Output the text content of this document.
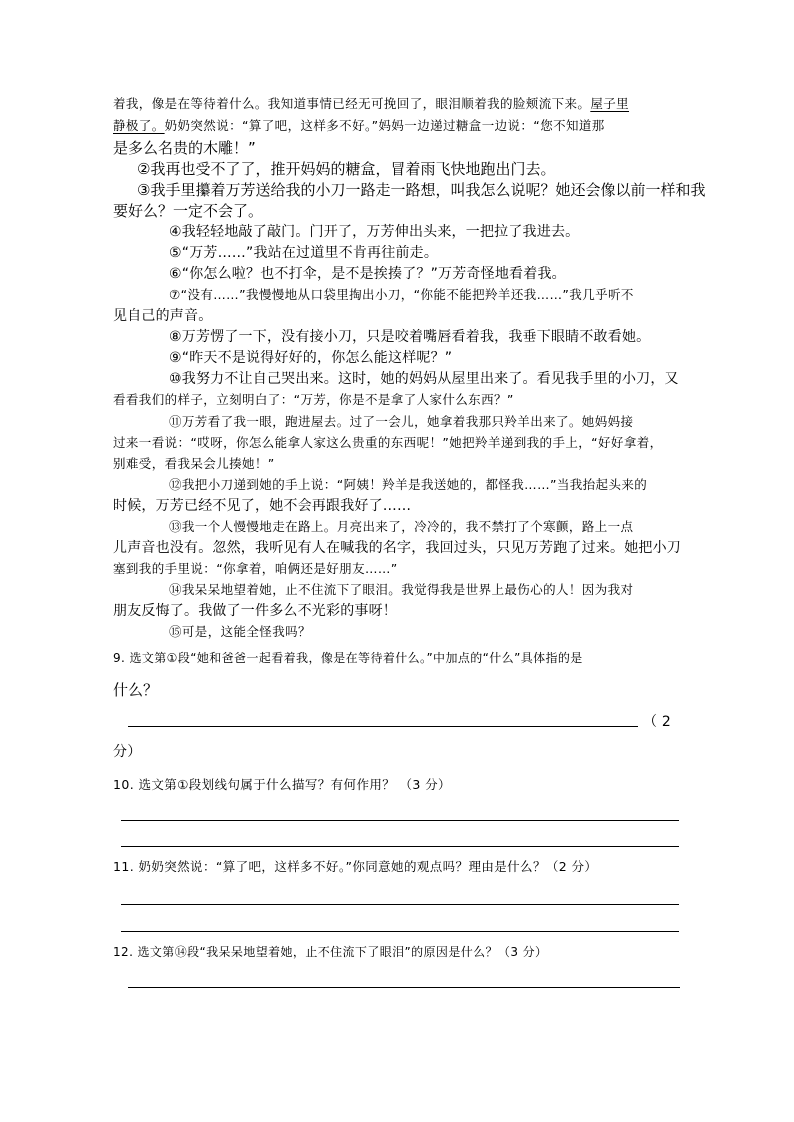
着我，像是在等待着什么。我知道事情已经无可挽回了，眼泪顺着我的脸颊流下来。屋子里
静极了。奶奶突然说：“算了吧，这样多不好。”妈妈一边递过糖盒一边说：“您不知道那
是多么名贵的木雕！”
②我再也受不了了，推开妈妈的糖盒，冒着雨飞快地跑出门去。
③我手里攥着万芳送给我的小刀一路走一路想，叫我怎么说呢？她还会像以前一样和我
要好么？一定不会了。
④我轻轻地敲了敲门。门开了，万芳伸出头来，一把拉了我进去。
⑤“万芳……”我站在过道里不肯再往前走。
⑥“你怎么啦？也不打伞，是不是挨揍了？”万芳奇怪地看着我。
⑦“没有……”我慢慢地从口袋里掏出小刀，“你能不能把羚羊还我……”我几乎听不
见自己的声音。
⑧万芳愣了一下，没有接小刀，只是咬着嘴唇看着我，我垂下眼睛不敢看她。
⑨“昨天不是说得好好的，你怎么能这样呢？”
⑩我努力不让自己哭出来。这时，她的妈妈从屋里出来了。看见我手里的小刀，又
看看我们的样子，立刻明白了：“万芳，你是不是拿了人家什么东西？”
⑪万芳看了我一眼，跑进屋去。过了一会儿，她拿着我那只羚羊出来了。她妈妈接
过来一看说：“哎呀，你怎么能拿人家这么贵重的东西呢！”她把羚羊递到我的手上，“好好拿着，
别难受，看我呆会儿揍她！”
⑫我把小刀递到她的手上说：“阿姨！羚羊是我送她的，都怪我……”当我抬起头来的
时候，万芳已经不见了，她不会再跟我好了……
⑬我一个人慢慢地走在路上。月亮出来了，冷冷的，我不禁打了个寒颤，路上一点
儿声音也没有。忽然，我听见有人在喊我的名字，我回过头，只见万芳跑了过来。她把小刀
塞到我的手里说：“你拿着，咱俩还是好朋友……”
⑭我呆呆地望着她，止不住流下了眼泪。我觉得我是世界上最伤心的人！因为我对
朋友反悔了。我做了一件多么不光彩的事呀！
⑮可是，这能全怪我吗？
9. 选文第①段“她和爸爸一起看着我，像是在等待着什么。”中加点的“什么”具体指的是
什么？
（ 2
分）
10. 选文第①段划线句属于什么描写？有何作用？ （3 分）
11. 奶奶突然说：“算了吧，这样多不好。”你同意她的观点吗？理由是什么？（2 分）
12. 选文第⑭段“我呆呆地望着她，止不住流下了眼泪”的原因是什么？（3 分）
